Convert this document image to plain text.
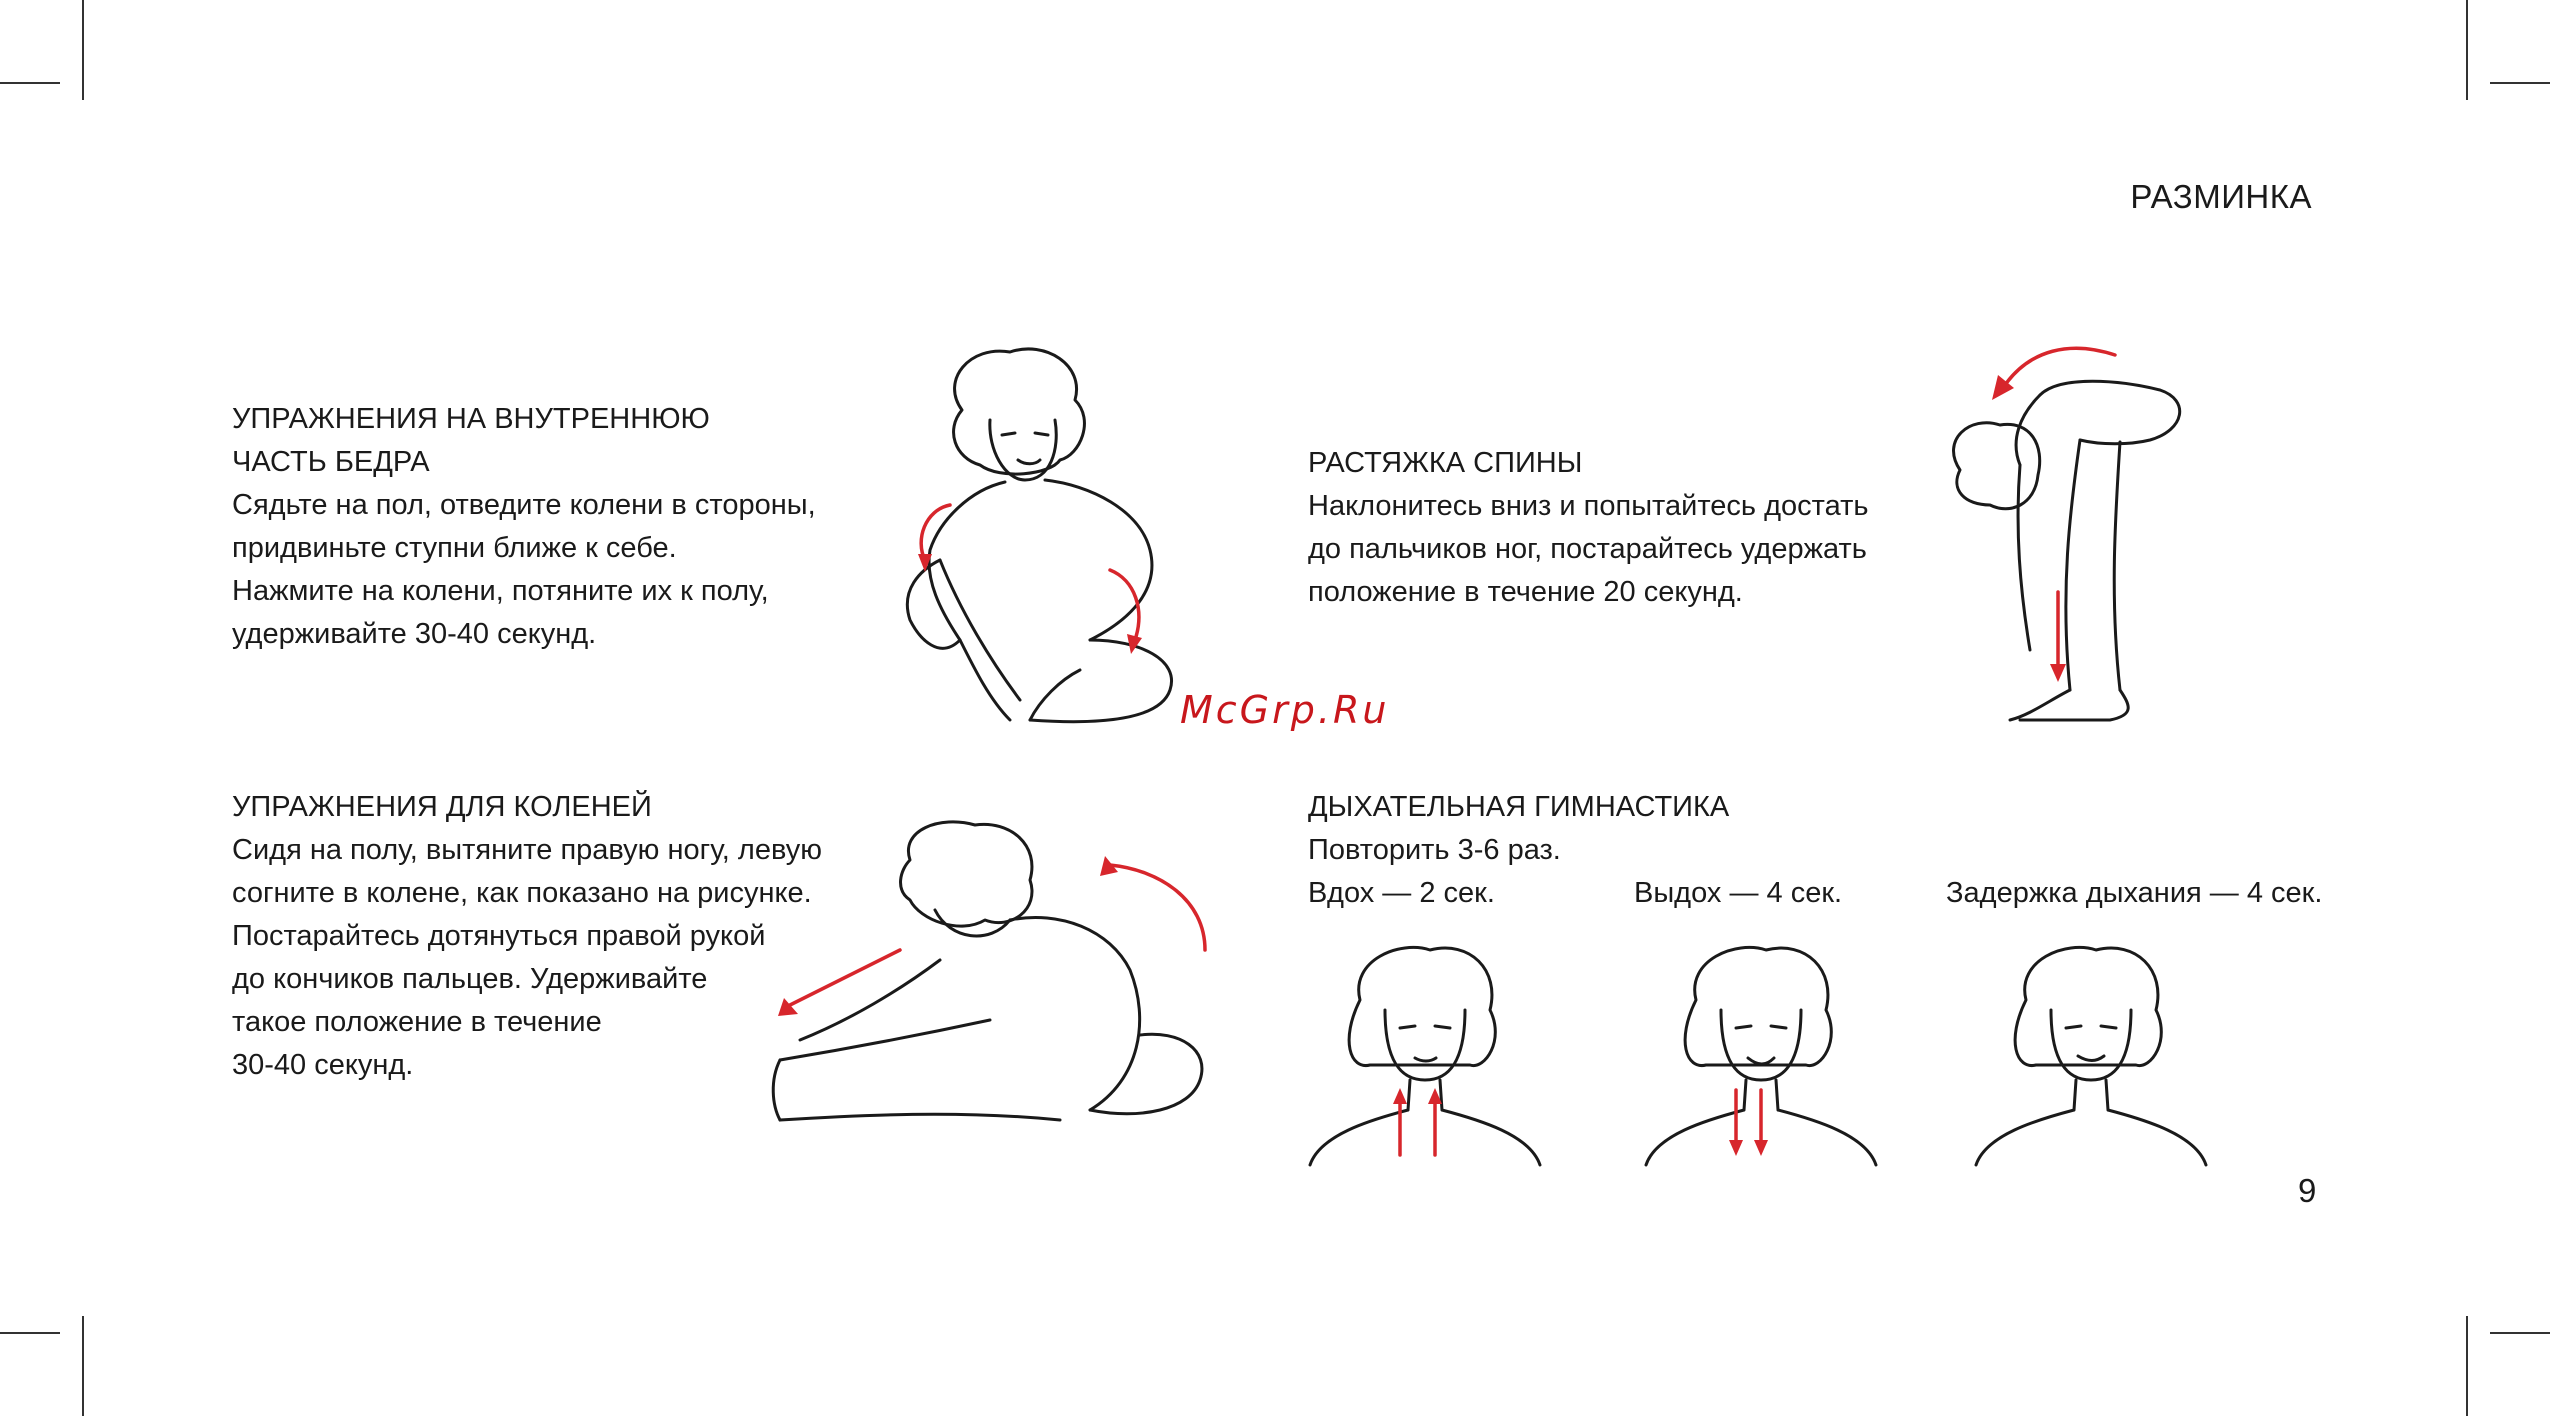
РАЗМИНКА

УПРАЖНЕНИЯ НА ВНУТРЕННЮЮ

ЧАСТЬ БЕДРА

Сядьте на пол, отведите колени в стороны,

придвиньте ступни ближе к себе.

Нажмите на колени, потяните их к полу,

удерживайте 30-40 секунд.

РАСТЯЖКА СПИНЫ

Наклонитесь вниз и попытайтесь достать

до пальчиков ног, постарайтесь удержать

положение в течение 20 секунд.

УПРАЖНЕНИЯ ДЛЯ КОЛЕНЕЙ

Сидя на полу, вытяните правую ногу, левую

согните в колене, как показано на рисунке.

Постарайтесь дотянуться правой рукой

до кончиков пальцев. Удерживайте

такое положение в течение

30-40 секунд.

ДЫХАТЕЛЬНАЯ ГИМНАСТИКА

Повторить 3-6 раз.

Вдох — 2 сек.	Выдох — 4 сек.	Задержка дыхания — 4 сек.
McGrp.Ru
9
